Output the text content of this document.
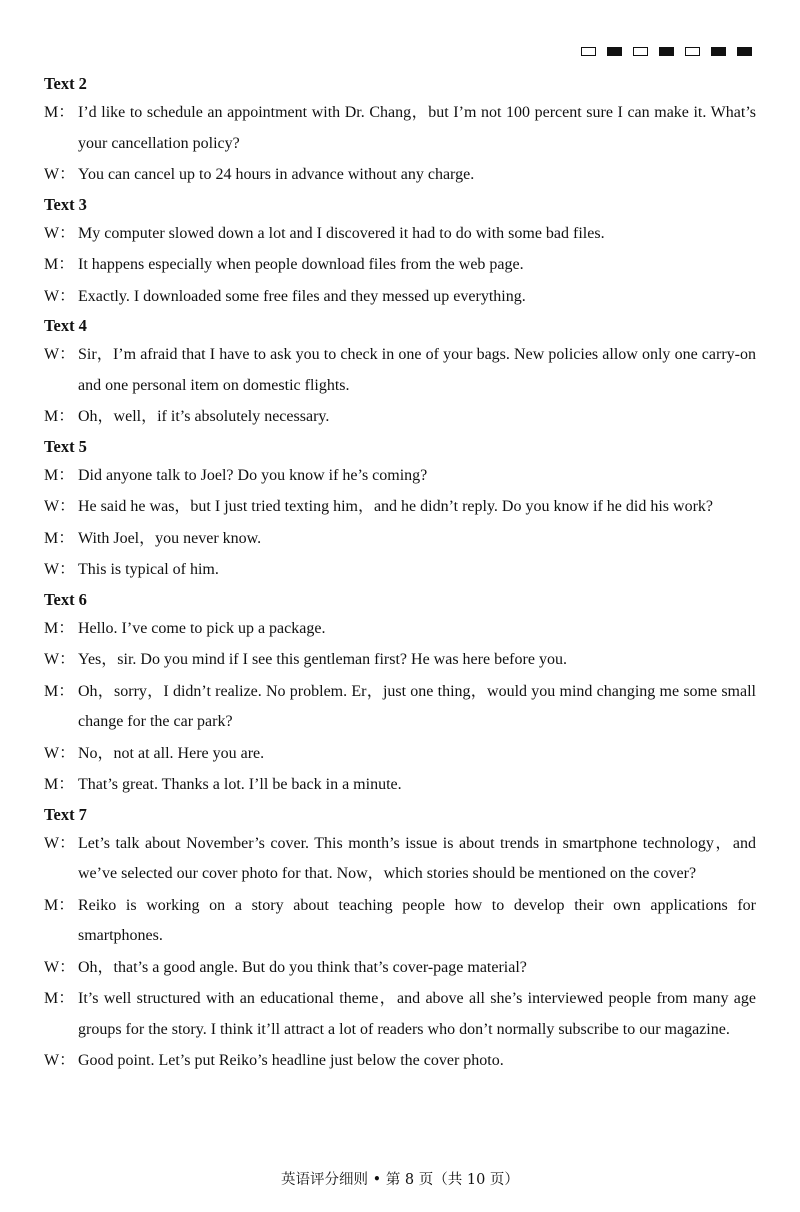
Text 2
M： I’d like to schedule an appointment with Dr. Chang，but I’m not 100 percent sure I can make it. What’s your cancellation policy?
W： You can cancel up to 24 hours in advance without any charge.
Text 3
W： My computer slowed down a lot and I discovered it had to do with some bad files.
M： It happens especially when people download files from the web page.
W： Exactly. I downloaded some free files and they messed up everything.
Text 4
W： Sir，I’m afraid that I have to ask you to check in one of your bags. New policies allow only one carry-on and one personal item on domestic flights.
M： Oh，well，if it’s absolutely necessary.
Text 5
M： Did anyone talk to Joel? Do you know if he’s coming?
W： He said he was，but I just tried texting him，and he didn’t reply. Do you know if he did his work?
M： With Joel，you never know.
W： This is typical of him.
Text 6
M： Hello. I’ve come to pick up a package.
W： Yes，sir. Do you mind if I see this gentleman first? He was here before you.
M： Oh，sorry，I didn’t realize. No problem. Er，just one thing，would you mind changing me some small change for the car park?
W： No，not at all. Here you are.
M： That’s great. Thanks a lot. I’ll be back in a minute.
Text 7
W： Let’s talk about November’s cover. This month’s issue is about trends in smartphone technology，and we’ve selected our cover photo for that. Now，which stories should be mentioned on the cover?
M： Reiko is working on a story about teaching people how to develop their own applications for smartphones.
W： Oh，that’s a good angle. But do you think that’s cover-page material?
M： It’s well structured with an educational theme，and above all she’s interviewed people from many age groups for the story. I think it’ll attract a lot of readers who don’t normally subscribe to our magazine.
W： Good point. Let’s put Reiko’s headline just below the cover photo.
英语评分细则 • 第 8 页（共 10 页）
